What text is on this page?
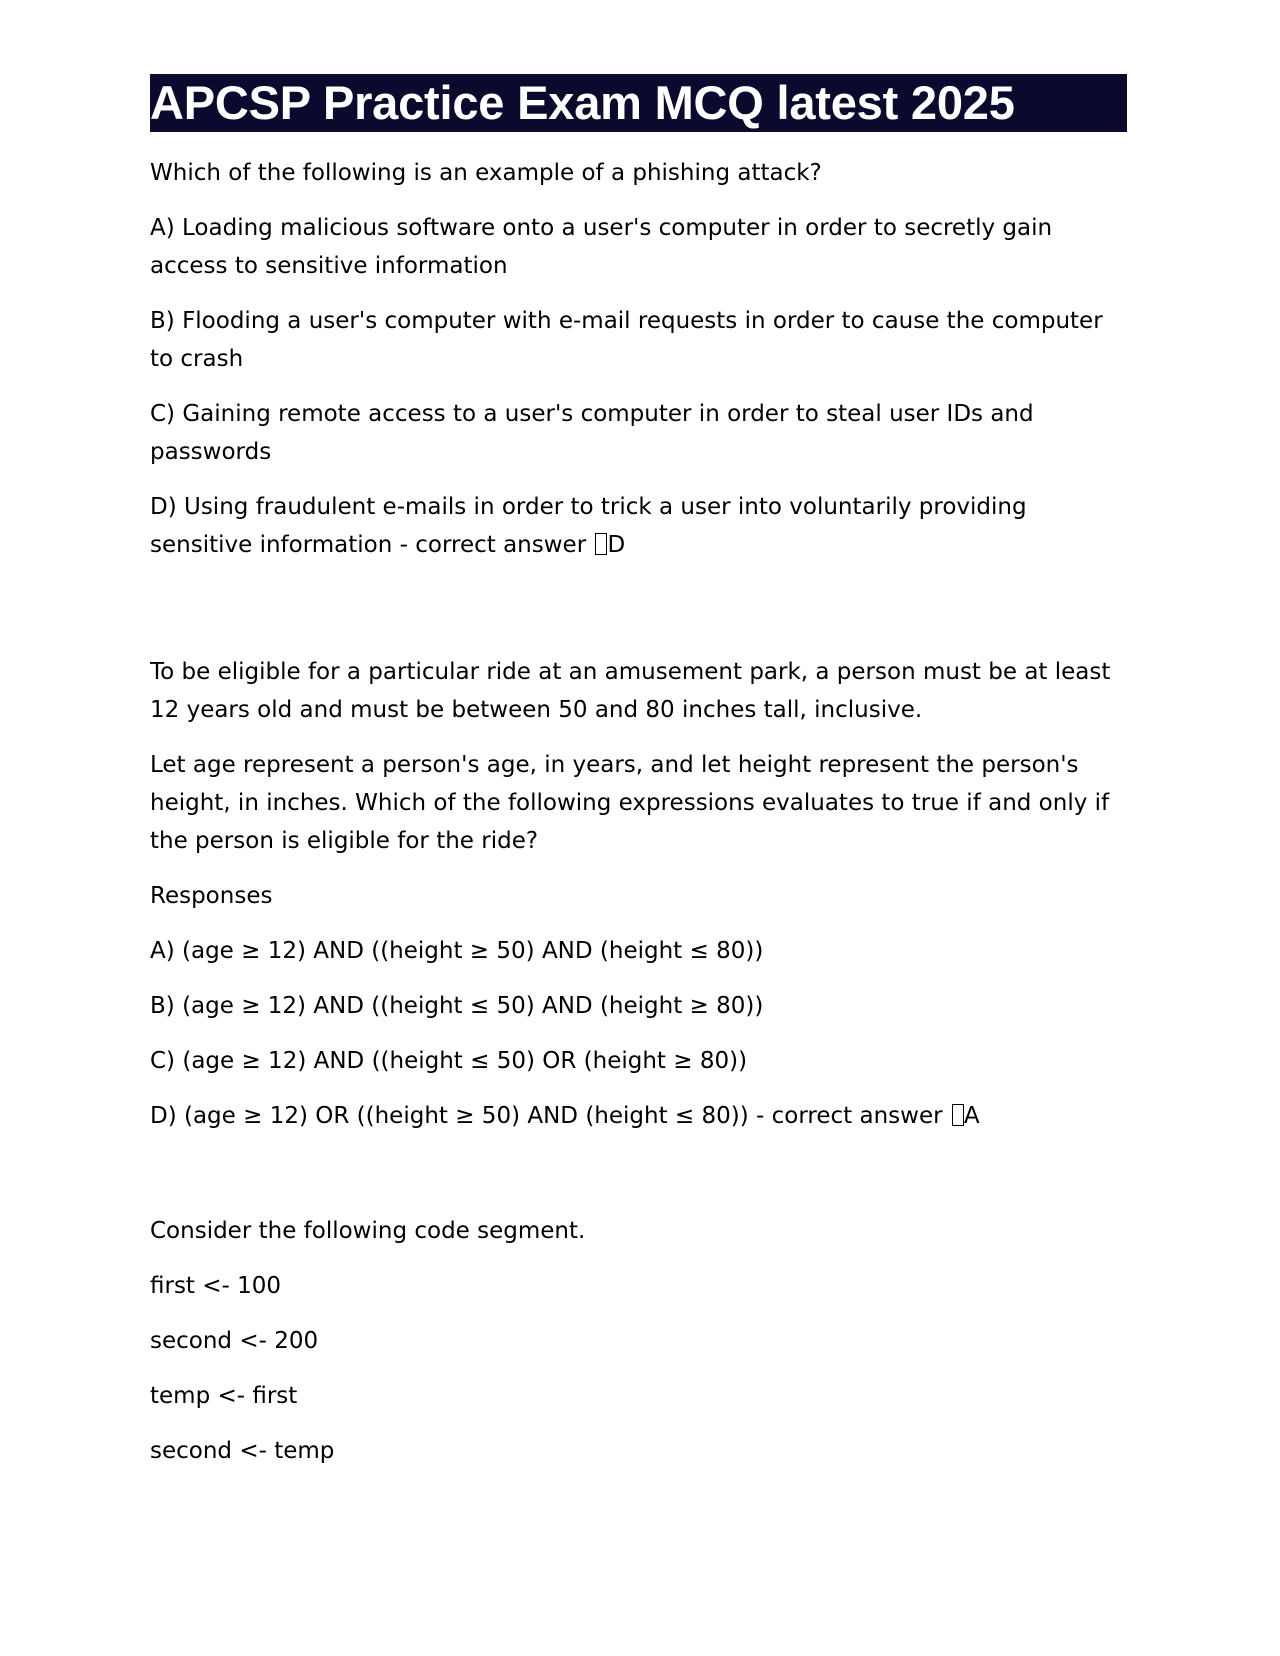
APCSP Practice Exam MCQ latest 2025

Which of the following is an example of a phishing attack?

A) Loading malicious software onto a user's computer in order to secretly gain access to sensitive information

B) Flooding a user's computer with e-mail requests in order to cause the computer to crash

C) Gaining remote access to a user's computer in order to steal user IDs and passwords

D) Using fraudulent e-mails in order to trick a user into voluntarily providing sensitive information - correct answer D

To be eligible for a particular ride at an amusement park, a person must be at least 12 years old and must be between 50 and 80 inches tall, inclusive.

Let age represent a person's age, in years, and let height represent the person's height, in inches. Which of the following expressions evaluates to true if and only if the person is eligible for the ride?

Responses

A) (age ≥ 12) AND ((height ≥ 50) AND (height ≤ 80))

B) (age ≥ 12) AND ((height ≤ 50) AND (height ≥ 80))

C) (age ≥ 12) AND ((height ≤ 50) OR (height ≥ 80))

D) (age ≥ 12) OR ((height ≥ 50) AND (height ≤ 80)) - correct answer A

Consider the following code segment.

first <- 100

second <- 200

temp <- first

second <- temp
